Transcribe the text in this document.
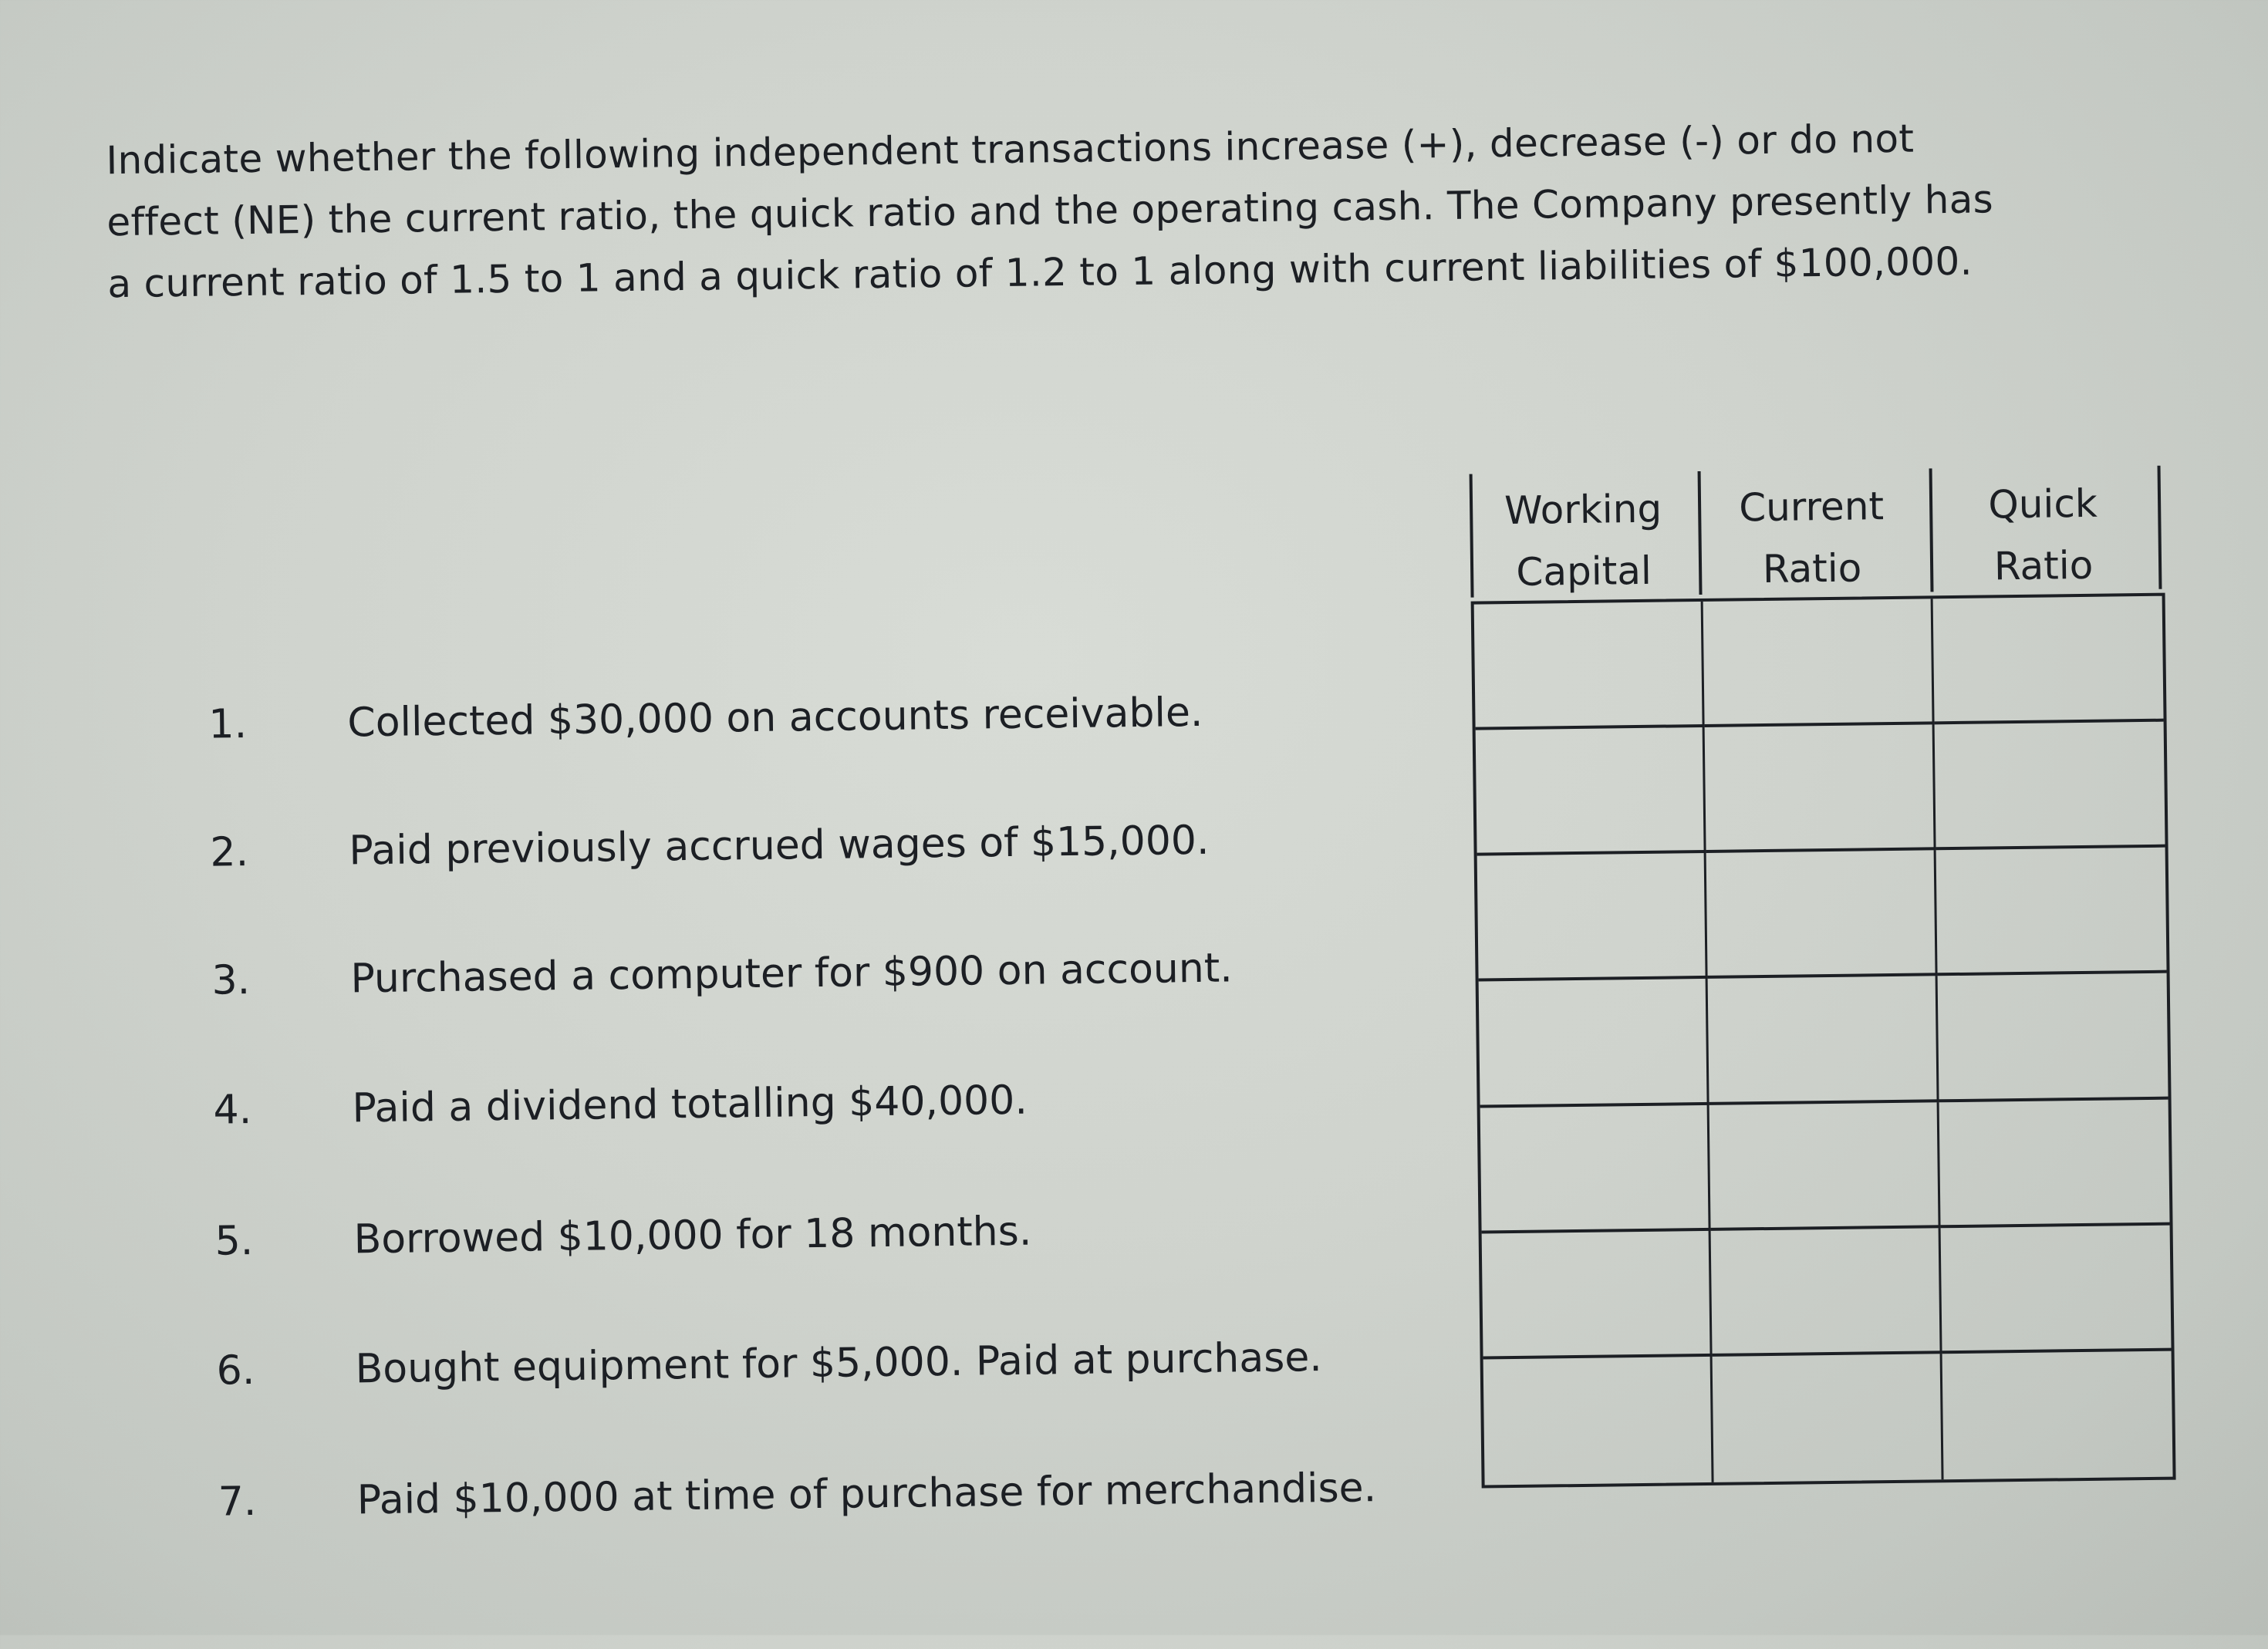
Indicate whether the following independent transactions increase (+), decrease (-) or do not effect (NE) the current ratio, the quick ratio and the operating cash. The Company presently has a current ratio of 1.5 to 1 and a quick ratio of 1.2 to 1 along with current liabilities of $100,000.
1. Collected $30,000 on accounts receivable.
2. Paid previously accrued wages of $15,000.
3. Purchased a computer for $900 on account.
4. Paid a dividend totalling $40,000.
5. Borrowed $10,000 for 18 months.
6. Bought equipment for $5,000. Paid at purchase.
7. Paid $10,000 at time of purchase for merchandise.
Working
Capital
Current
Ratio
Quick
Ratio
